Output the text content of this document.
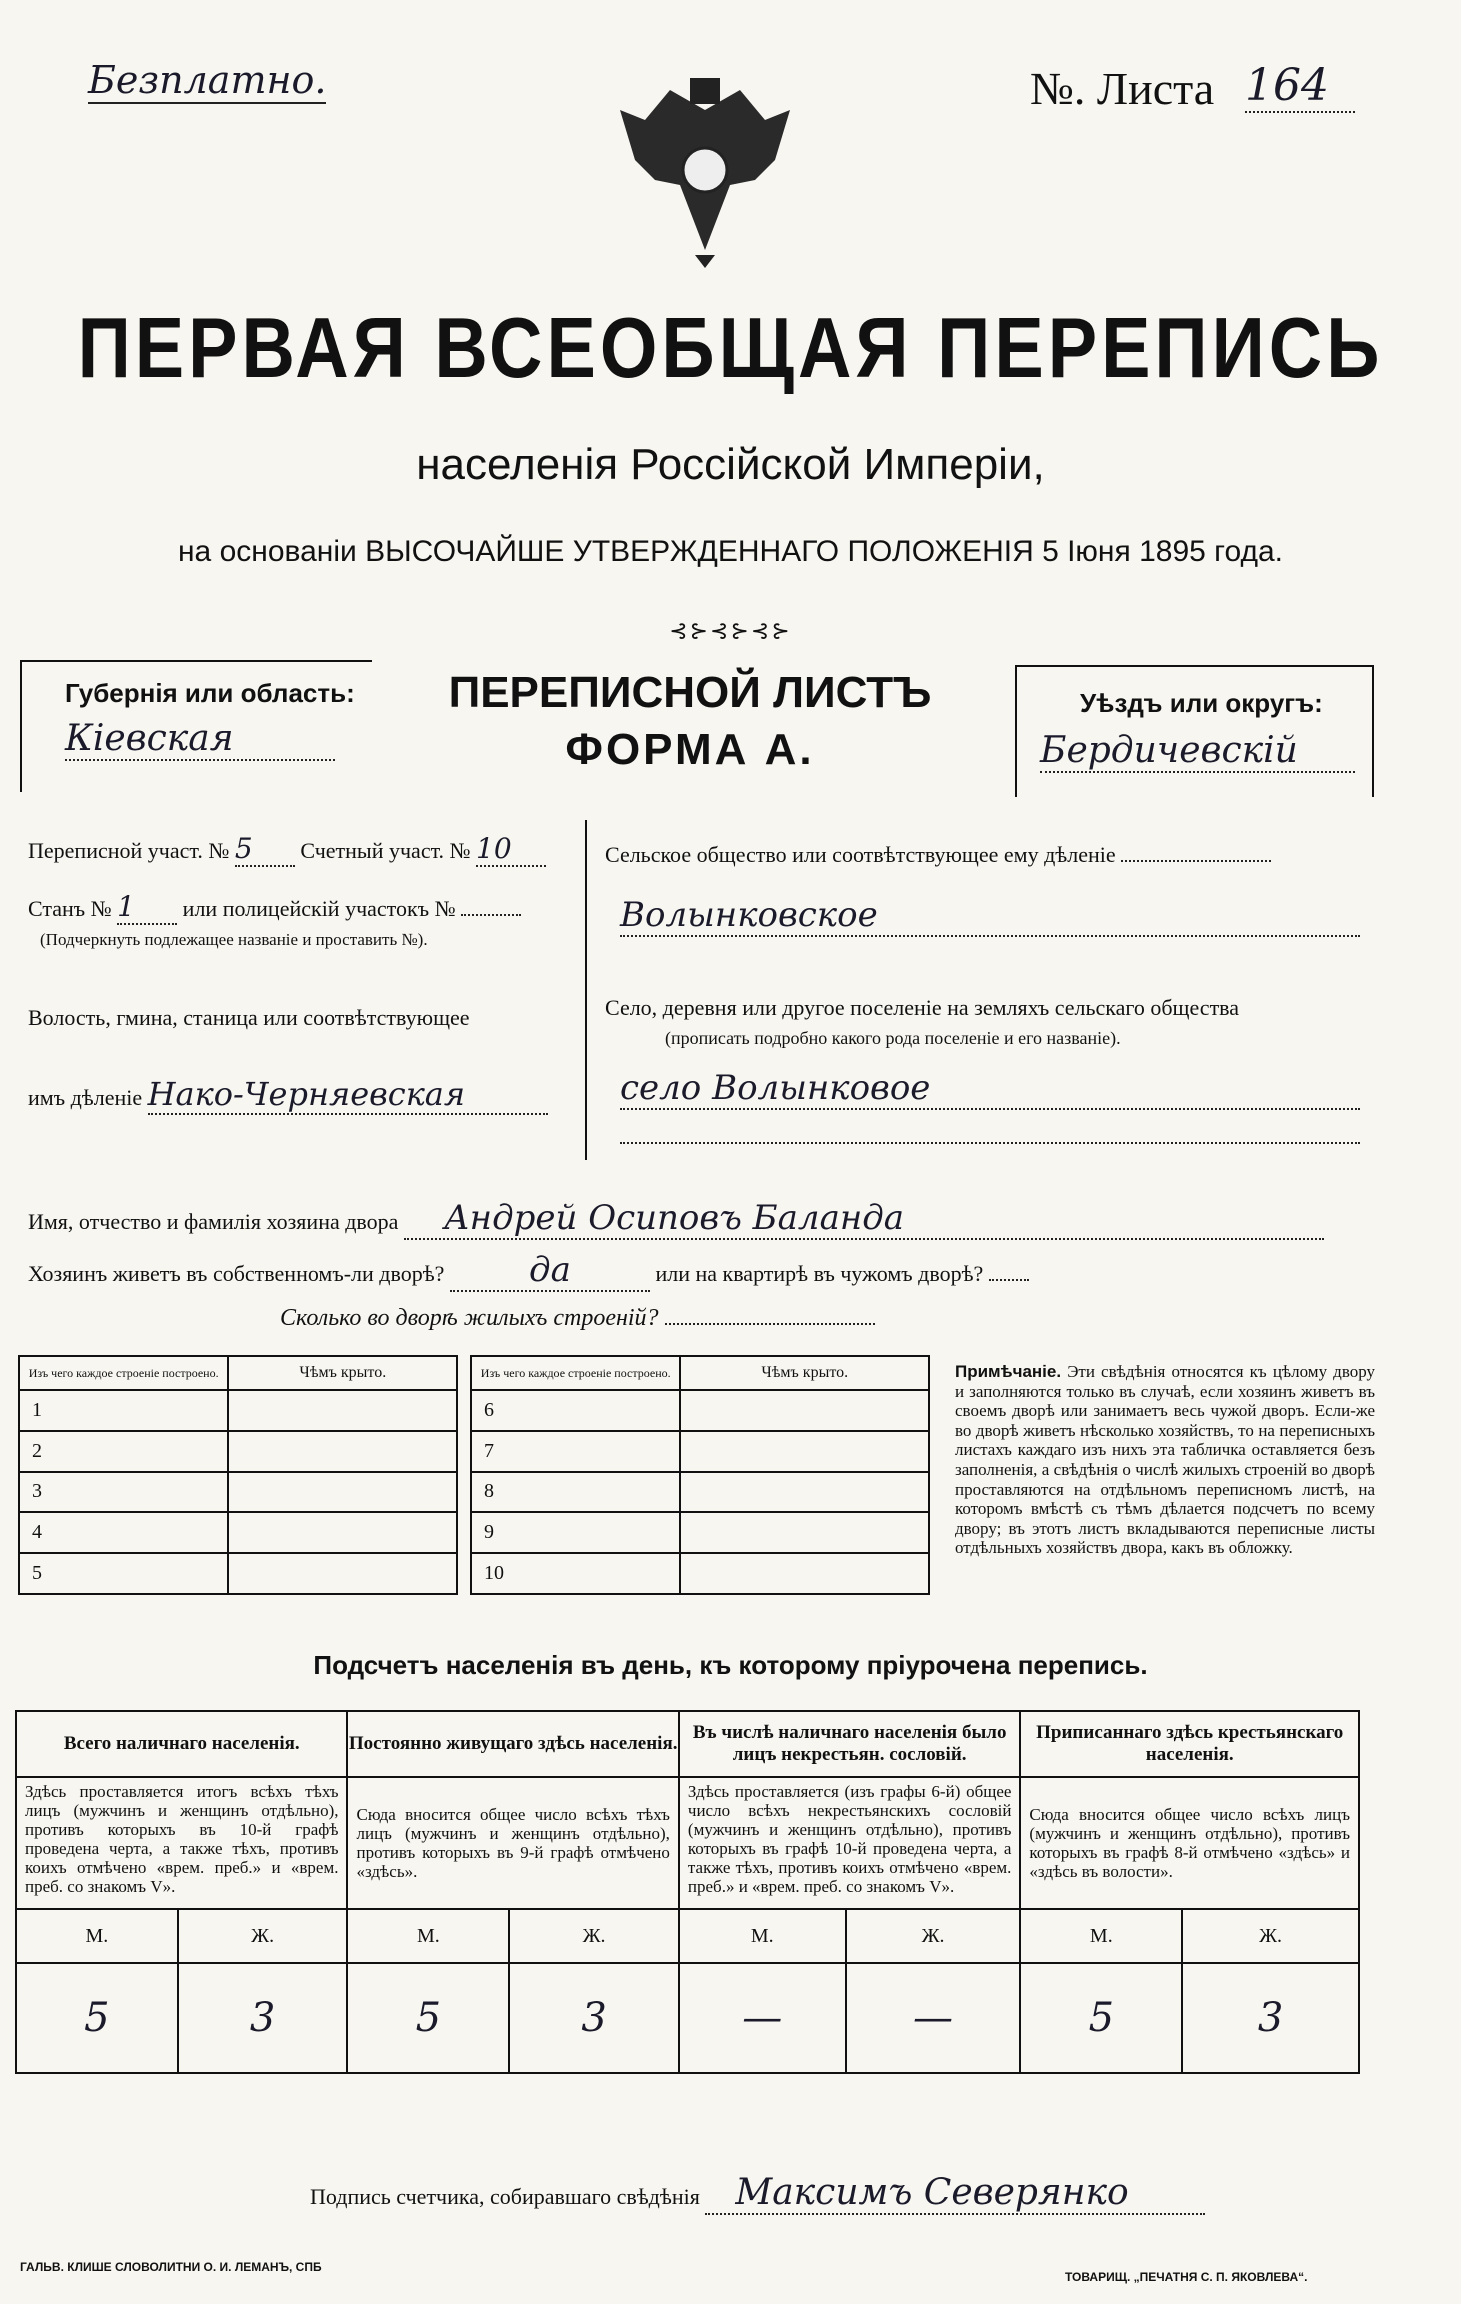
Безплатно.	№. Листа 164
ПЕРВАЯ ВСЕОБЩАЯ ПЕРЕПИСЬ
населенія Россійской Имперіи,
на основаніи ВЫСОЧАЙШЕ УТВЕРЖДЕННАГО ПОЛОЖЕНІЯ 5 Іюня 1895 года.
⊰⊱⊰⊱⊰⊱
Губернія или область:
Кіевская
ПЕРЕПИСНОЙ ЛИСТЪ
ФОРМА А.
Уѣздъ или округъ:
Бердичевскій
Переписной участ. № 5 Счетный участ. № 10
Станъ № 1 или полицейскій участокъ №
(Подчеркнуть подлежащее названіе и проставить №).
Волость, гмина, станица или соотвѣтствующее
имъ дѣленіе Нако-Черняевская
Сельское общество или соотвѣтствующее ему дѣленіе
Волынковское
Село, деревня или другое поселеніе на земляхъ сельскаго общества
(прописать подробно какого рода поселеніе и его названіе).
село Волынковое
Имя, отчество и фамилія хозяина двора Андрей Осиповъ Баланда
Хозяинъ живетъ въ собственномъ-ли дворѣ? да	или на квартирѣ въ чужомъ дворѣ?
Сколько во дворѣ жилыхъ строеній?
Изъ чего каждое строеніе построено.	Чѣмъ крыто.		Изъ чего каждое строеніе построено.	Чѣмъ крыто.
1			6	
2			7	
3			8	
4			9	
5			10	
Примѣчаніе. Эти свѣдѣнія относятся къ цѣлому двору и заполняются только въ случаѣ, если хозяинъ живетъ въ своемъ дворѣ или занимаетъ весь чужой дворъ. Если-же во дворѣ живетъ нѣсколько хозяйствъ, то на переписныхъ листахъ каждаго изъ нихъ эта табличка оставляется безъ заполненія, а свѣдѣнія о числѣ жилыхъ строеній во дворѣ проставляются на отдѣльномъ переписномъ листѣ, на которомъ вмѣстѣ съ тѣмъ дѣлается подсчетъ по всему двору; въ этотъ листъ вкладываются переписные листы отдѣльныхъ хозяйствъ двора, какъ въ обложку.
Подсчетъ населенія въ день, къ которому пріурочена перепись.
Всего наличнаго населенія.		Постоянно живущаго здѣсь населенія.		Въ числѣ наличнаго населенія было лицъ некрестьян. сословій.		Приписаннаго здѣсь крестьянскаго населенія.	
Здѣсь проставляется итогъ всѣхъ тѣхъ лицъ (мужчинъ и женщинъ отдѣльно), противъ которыхъ въ 10-й графѣ проведена черта, а также тѣхъ, противъ коихъ отмѣчено «врем. преб.» и «врем. преб. со знакомъ V».		Сюда вносится общее число всѣхъ тѣхъ лицъ (мужчинъ и женщинъ отдѣльно), противъ которыхъ въ 9-й графѣ отмѣчено «здѣсь».		Здѣсь проставляется (изъ графы 6-й) общее число всѣхъ некрестьянскихъ сословій (мужчинъ и женщинъ отдѣльно), противъ которыхъ въ графѣ 10-й проведена черта, а также тѣхъ, противъ коихъ отмѣчено «врем. преб.» и «врем. преб. со знакомъ V».		Сюда вносится общее число всѣхъ лицъ (мужчинъ и женщинъ отдѣльно), противъ которыхъ въ графѣ 8-й отмѣчено «здѣсь» и «здѣсь въ волости».	
М.	Ж.	М.	Ж.	М.	Ж.	М.	Ж.
5	3	5	3	—	—	5	3
Подпись счетчика, собиравшаго свѣдѣнія Максимъ Северянко
ГАЛЬВ. КЛИШЕ СЛОВОЛИТНИ О. И. ЛЕМАНЪ, СПБ
ТОВАРИЩ. „ПЕЧАТНЯ С. П. ЯКОВЛЕВА“.
